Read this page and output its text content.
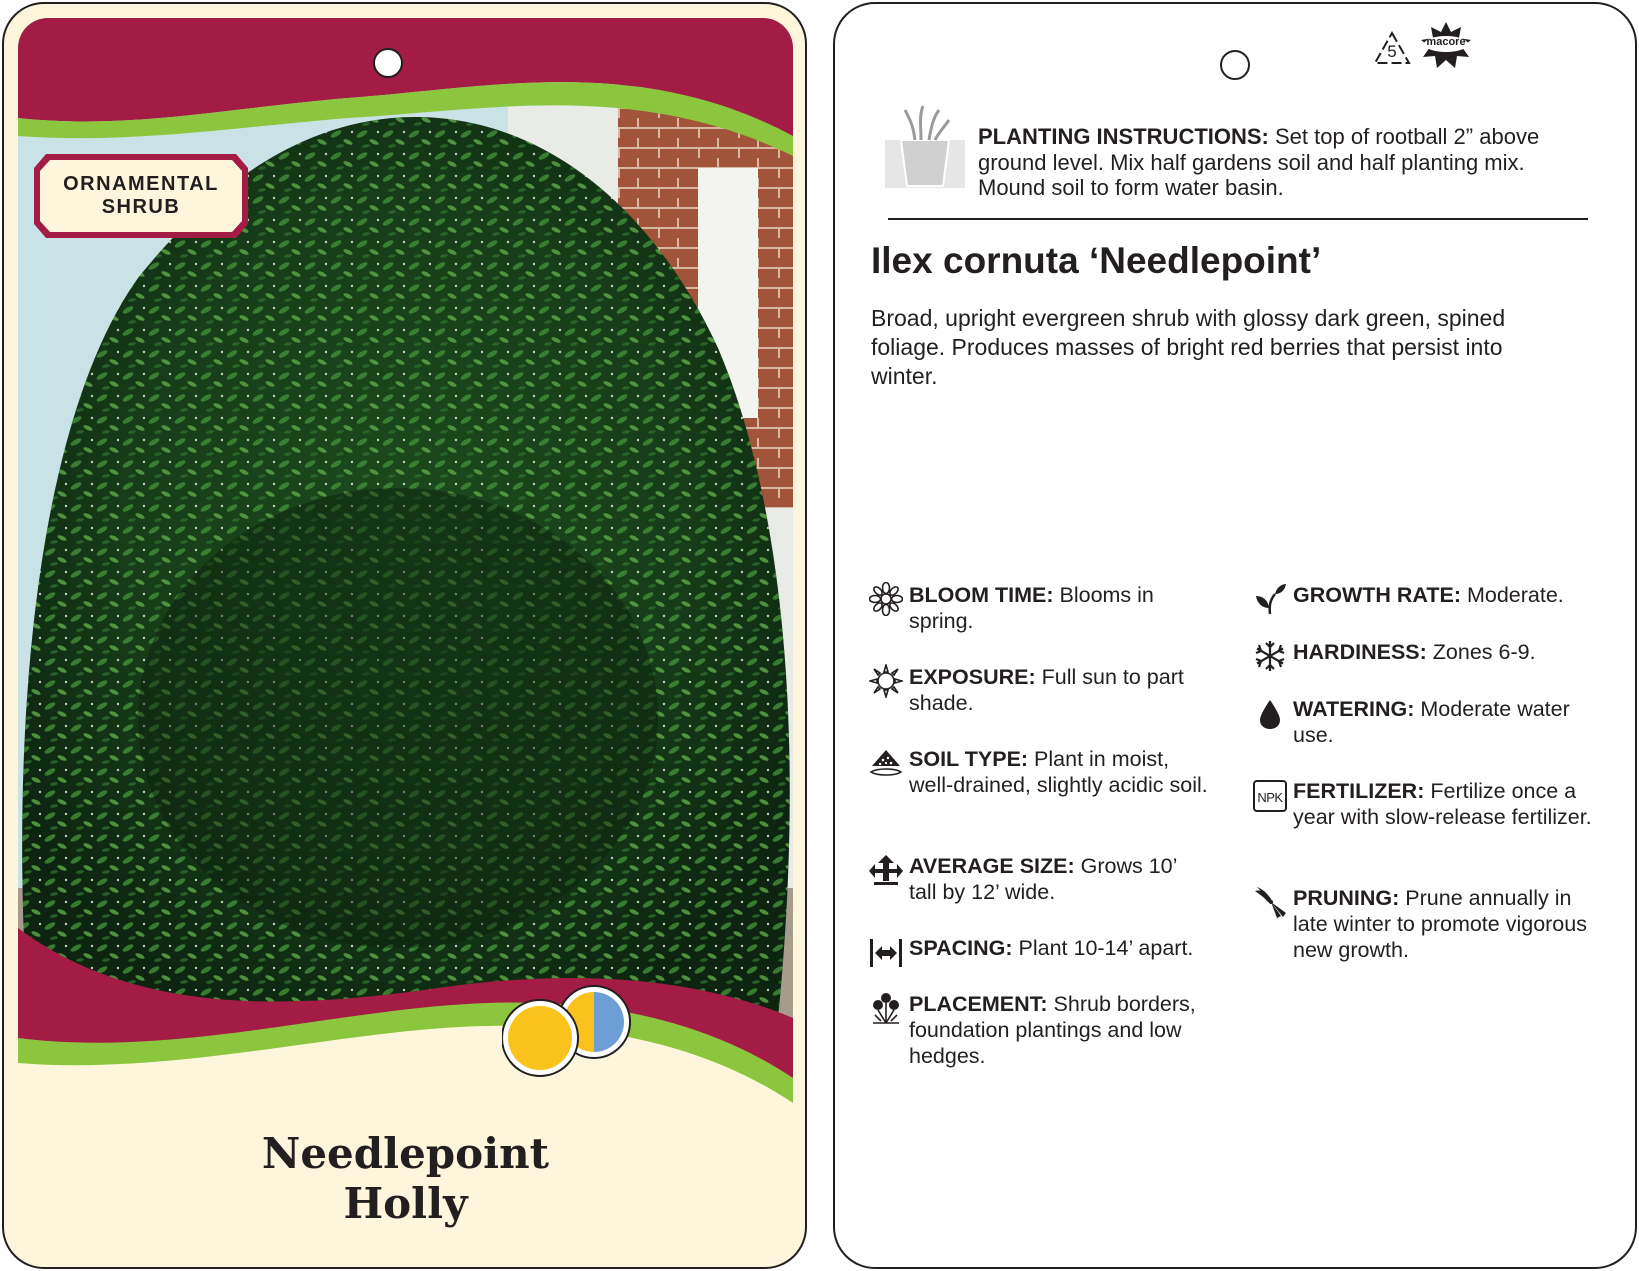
ORNAMENTAL
SHRUB
Needlepoint
Holly
5	macore
PLANTING INSTRUCTIONS: Set top of rootball 2” above ground level. Mix half gardens soil and half planting mix. Mound soil to form water basin.
Ilex cornuta ‘Needlepoint’
Broad, upright evergreen shrub with glossy dark green, spined foliage. Produces masses of bright red berries that persist into winter.
BLOOM TIME: Blooms in spring.
EXPOSURE: Full sun to part shade.
SOIL TYPE: Plant in moist, well-drained, slightly acidic soil.
AVERAGE SIZE: Grows 10’ tall by 12’ wide.
SPACING: Plant 10-14’ apart.
PLACEMENT: Shrub borders, foundation plantings and low hedges.
GROWTH RATE: Moderate.
HARDINESS: Zones 6-9.
WATERING: Moderate water use.
NPK FERTILIZER: Fertilize once a year with slow-release fertilizer.
PRUNING: Prune annually in late winter to promote vigorous new growth.
